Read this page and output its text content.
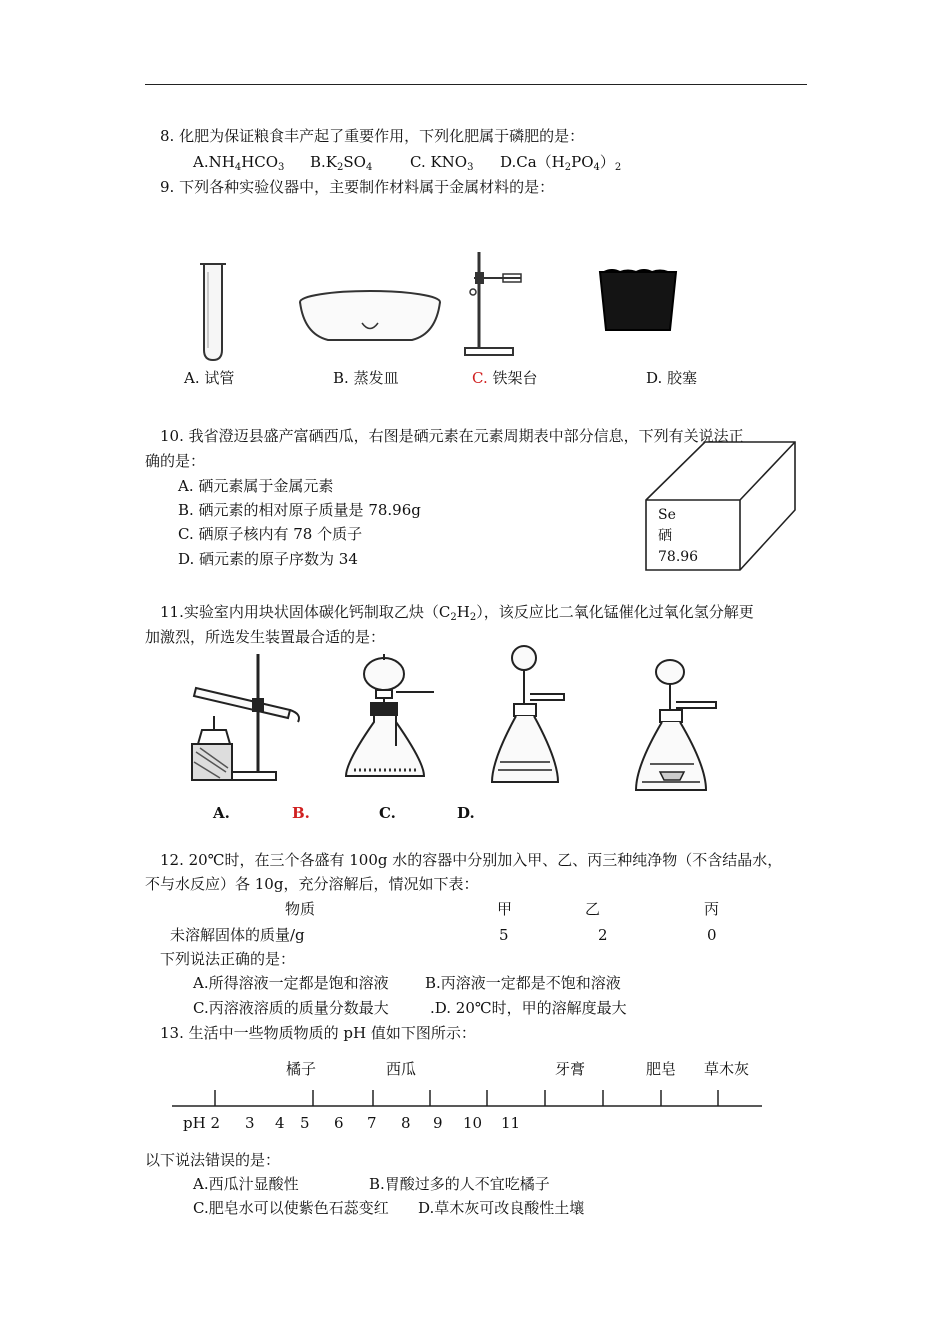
8. 化肥为保证粮食丰产起了重要作用，下列化肥属于磷肥的是：
$A.NH_4HCO_3$ $B.K_2SO_4$	C. $KNO_3$ $D.Ca(H_2PO_4)_2$
9. 下列各种实验仪器中，主要制作材料属于金属材料的是：
A. 试管	B. 蒸发皿	C. 铁架台	D. 胶塞
10. 我省澄迈县盛产富硒西瓜，右图是硒元素在元素周期表中部分信息，下列有关说法正
确的是：
A. 硒元素属于金属元素
B. 硒元素的相对原子质量是 78.96g
C. 硒原子核内有 78 个质子
D. 硒元素的原子序数为 34
Se
硒
78.96
11.实验室内用块状固体碳化钙制取乙炔$(C_2H_2)$，该反应比二氧化锰催化过氧化氢分解更
加激烈，所选发生装置最合适的是：
A.	B.	C.	D.
12. 20℃时，在三个各盛有 100g 水的容器中分别加入甲、乙、丙三种纯净物（不含结晶水，
不与水反应）各 10g，充分溶解后，情况如下表：
物质	甲	乙	丙
未溶解固体的质量/g	5	2	0
下列说法正确的是：
A.所得溶液一定都是饱和溶液 B.丙溶液一定都是不饱和溶液
C.丙溶液溶质的质量分数最大	.D. 20℃时，甲的溶解度最大
13. 生活中一些物质物质的 pH 值如下图所示：
橘子	西瓜	牙膏	肥皂 草木灰
pH 2 3 4 5 6 7 8 9 10 11
以下说法错误的是：
A.西瓜汁显酸性	B.胃酸过多的人不宜吃橘子
C.肥皂水可以使紫色石蕊变红 D.草木灰可改良酸性土壤
